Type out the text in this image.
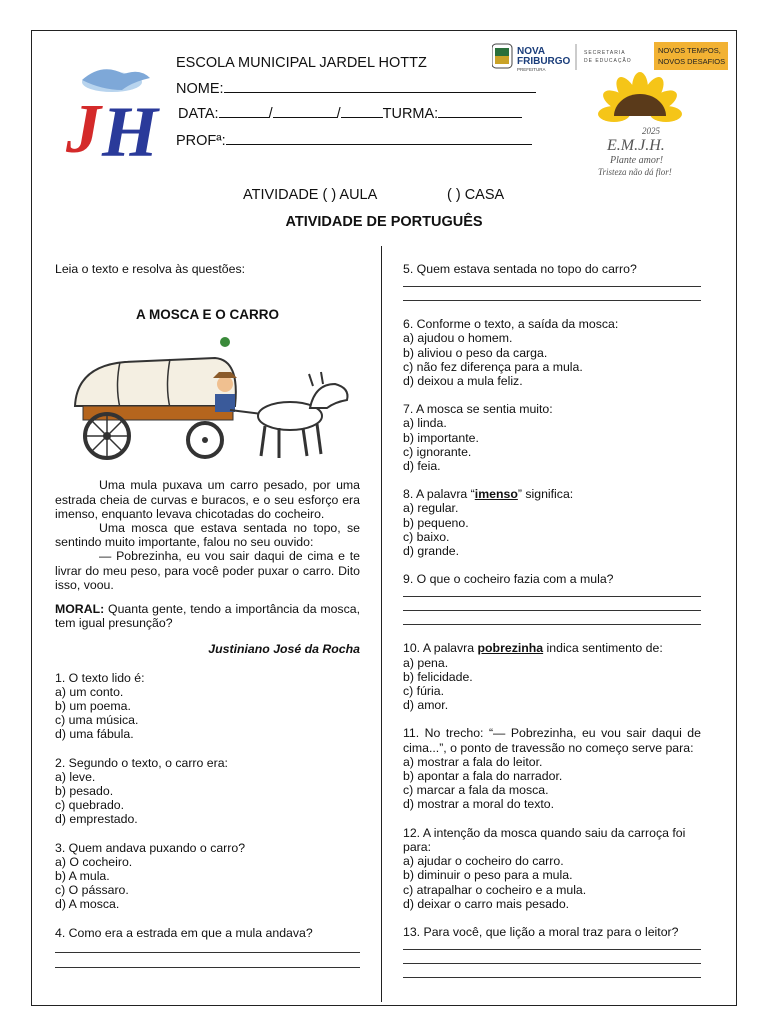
J H
ESCOLA MUNICIPAL JARDEL HOTTZ
NOME:
DATA:	/	/	TURMA:
PROFª:
NOVA
FRIBURGO
PREFEITURA
SECRETARIA
DE EDUCAÇÃO
NOVOS TEMPOS,
NOVOS DESAFIOS
2025
E.M.J.H.
Plante amor!
Tristeza não dá flor!
ATIVIDADE ( ) AULA	( ) CASA
ATIVIDADE DE PORTUGUÊS

Leia o texto e resolva às questões:

A MOSCA E O CARRO

Uma mula puxava um carro pesado, por uma estrada cheia de curvas e buracos, e o seu esforço era imenso, enquanto levava chicotadas do cocheiro.

Uma mosca que estava sentada no topo, se sentindo muito importante, falou no seu ouvido:

— Pobrezinha, eu vou sair daqui de cima e te livrar do meu peso, para você poder puxar o carro. Dito isso, voou.

MORAL: Quanta gente, tendo a importância da mosca, tem igual presunção?

Justiniano José da Rocha

1. O texto lido é:

a) um conto.

b) um poema.

c) uma música.

d) uma fábula.

2. Segundo o texto, o carro era:

a) leve.

b) pesado.

c) quebrado.

d) emprestado.

3. Quem andava puxando o carro?

a) O cocheiro.

b) A mula.

c) O pássaro.

d) A mosca.

4. Como era a estrada em que a mula andava?

5. Quem estava sentada no topo do carro?

6. Conforme o texto, a saída da mosca:

a) ajudou o homem.

b) aliviou o peso da carga.

c) não fez diferença para a mula.

d) deixou a mula feliz.

7. A mosca se sentia muito:

a) linda.

b) importante.

c) ignorante.

d) feia.

8. A palavra “imenso” significa:

a) regular.

b) pequeno.

c) baixo.

d) grande.

9. O que o cocheiro fazia com a mula?

10. A palavra pobrezinha indica sentimento de:

a) pena.

b) felicidade.

c) fúria.

d) amor.

11. No trecho: “— Pobrezinha, eu vou sair daqui de cima...”, o ponto de travessão no começo serve para:

a) mostrar a fala do leitor.

b) apontar a fala do narrador.

c) marcar a fala da mosca.

d) mostrar a moral do texto.

12. A intenção da mosca quando saiu da carroça foi para:

a) ajudar o cocheiro do carro.

b) diminuir o peso para a mula.

c) atrapalhar o cocheiro e a mula.

d) deixar o carro mais pesado.

13. Para você, que lição a moral traz para o leitor?
